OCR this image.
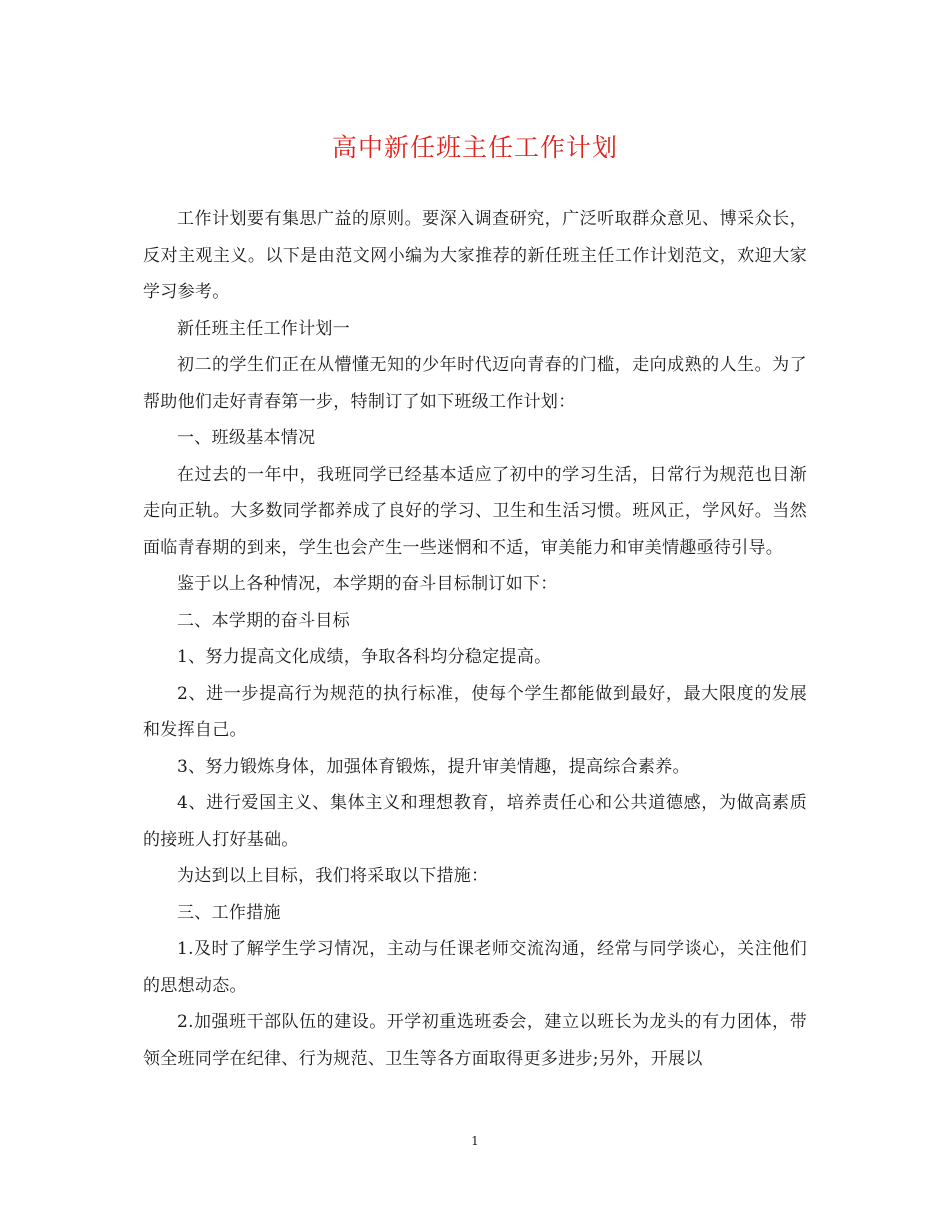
高中新任班主任工作计划

工作计划要有集思广益的原则。要深入调查研究，广泛听取群众意见、博采众长，反对主观主义。以下是由范文网小编为大家推荐的新任班主任工作计划范文，欢迎大家学习参考。

新任班主任工作计划一

初二的学生们正在从懵懂无知的少年时代迈向青春的门槛，走向成熟的人生。为了帮助他们走好青春第一步，特制订了如下班级工作计划：

一、班级基本情况

在过去的一年中，我班同学已经基本适应了初中的学习生活，日常行为规范也日渐走向正轨。大多数同学都养成了良好的学习、卫生和生活习惯。班风正，学风好。当然面临青春期的到来，学生也会产生一些迷惘和不适，审美能力和审美情趣亟待引导。

鉴于以上各种情况，本学期的奋斗目标制订如下：

二、本学期的奋斗目标

1、努力提高文化成绩，争取各科均分稳定提高。

2、进一步提高行为规范的执行标准，使每个学生都能做到最好，最大限度的发展和发挥自己。

3、努力锻炼身体，加强体育锻炼，提升审美情趣，提高综合素养。

4、进行爱国主义、集体主义和理想教育，培养责任心和公共道德感，为做高素质的接班人打好基础。

为达到以上目标，我们将采取以下措施：

三、工作措施

1.及时了解学生学习情况，主动与任课老师交流沟通，经常与同学谈心，关注他们的思想动态。

2.加强班干部队伍的建设。开学初重选班委会，建立以班长为龙头的有力团体，带领全班同学在纪律、行为规范、卫生等各方面取得更多进步;另外，开展以

1
